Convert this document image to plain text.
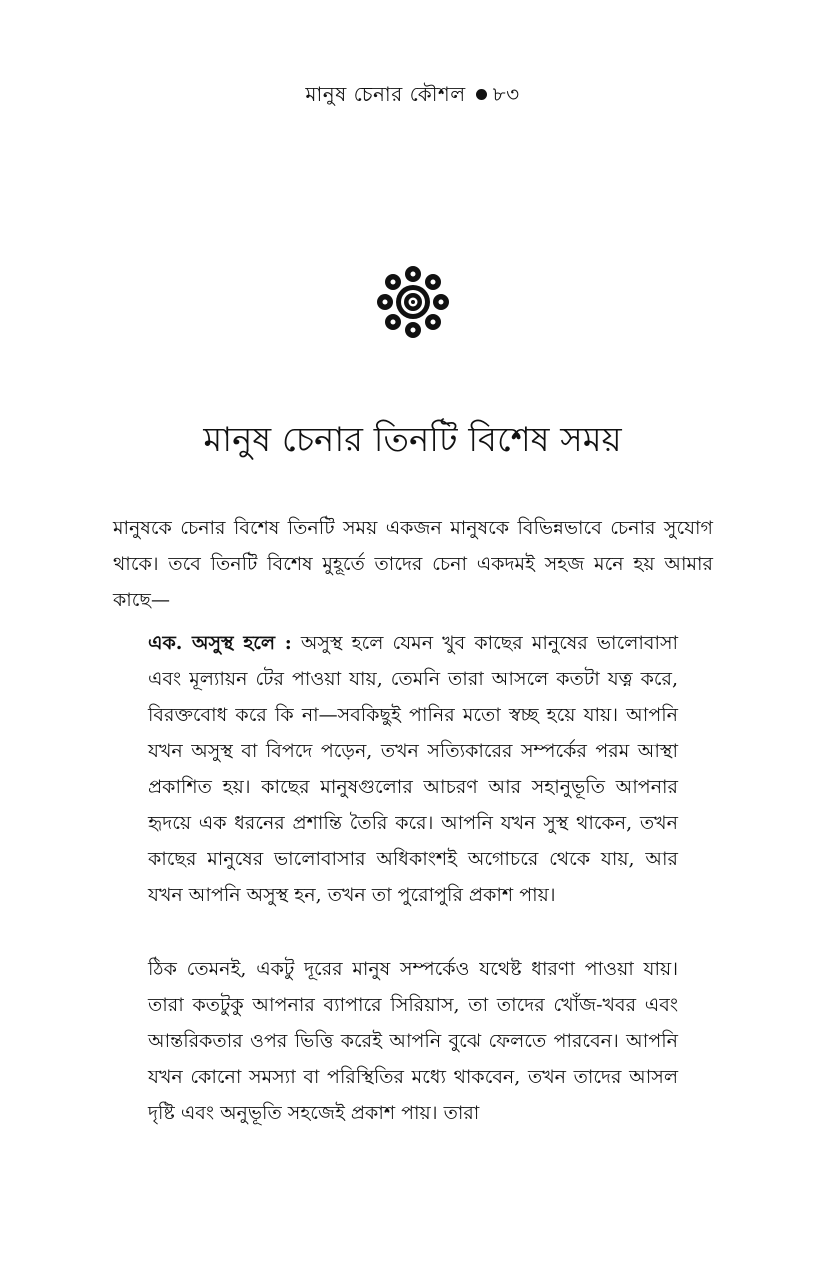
মানুষ চেনার কৌশল ৮৩
মানুষ চেনার তিনটি বিশেষ সময়

মানুষকে চেনার বিশেষ তিনটি সময় একজন মানুষকে বিভিন্নভাবে চেনার সুযোগ থাকে। তবে তিনটি বিশেষ মুহূর্তে তাদের চেনা একদমই সহজ মনে হয় আমার কাছে—

এক. অসুস্থ হলে : অসুস্থ হলে যেমন খুব কাছের মানুষের ভালোবাসা এবং মূল্যায়ন টের পাওয়া যায়, তেমনি তারা আসলে কতটা যত্ন করে, বিরক্তবোধ করে কি না—সবকিছুই পানির মতো স্বচ্ছ হয়ে যায়। আপনি যখন অসুস্থ বা বিপদে পড়েন, তখন সত্যিকারের সম্পর্কের পরম আস্থা প্রকাশিত হয়। কাছের মানুষগুলোর আচরণ আর সহানুভূতি আপনার হৃদয়ে এক ধরনের প্রশান্তি তৈরি করে। আপনি যখন সুস্থ থাকেন, তখন কাছের মানুষের ভালোবাসার অধিকাংশই অগোচরে থেকে যায়, আর যখন আপনি অসুস্থ হন, তখন তা পুরোপুরি প্রকাশ পায়।

ঠিক তেমনই, একটু দূরের মানুষ সম্পর্কেও যথেষ্ট ধারণা পাওয়া যায়। তারা কতটুকু আপনার ব্যাপারে সিরিয়াস, তা তাদের খোঁজ-খবর এবং আন্তরিকতার ওপর ভিত্তি করেই আপনি বুঝে ফেলতে পারবেন। আপনি যখন কোনো সমস্যা বা পরিস্থিতির মধ্যে থাকবেন, তখন তাদের আসল দৃষ্টি এবং অনুভূতি সহজেই প্রকাশ পায়। তারা
